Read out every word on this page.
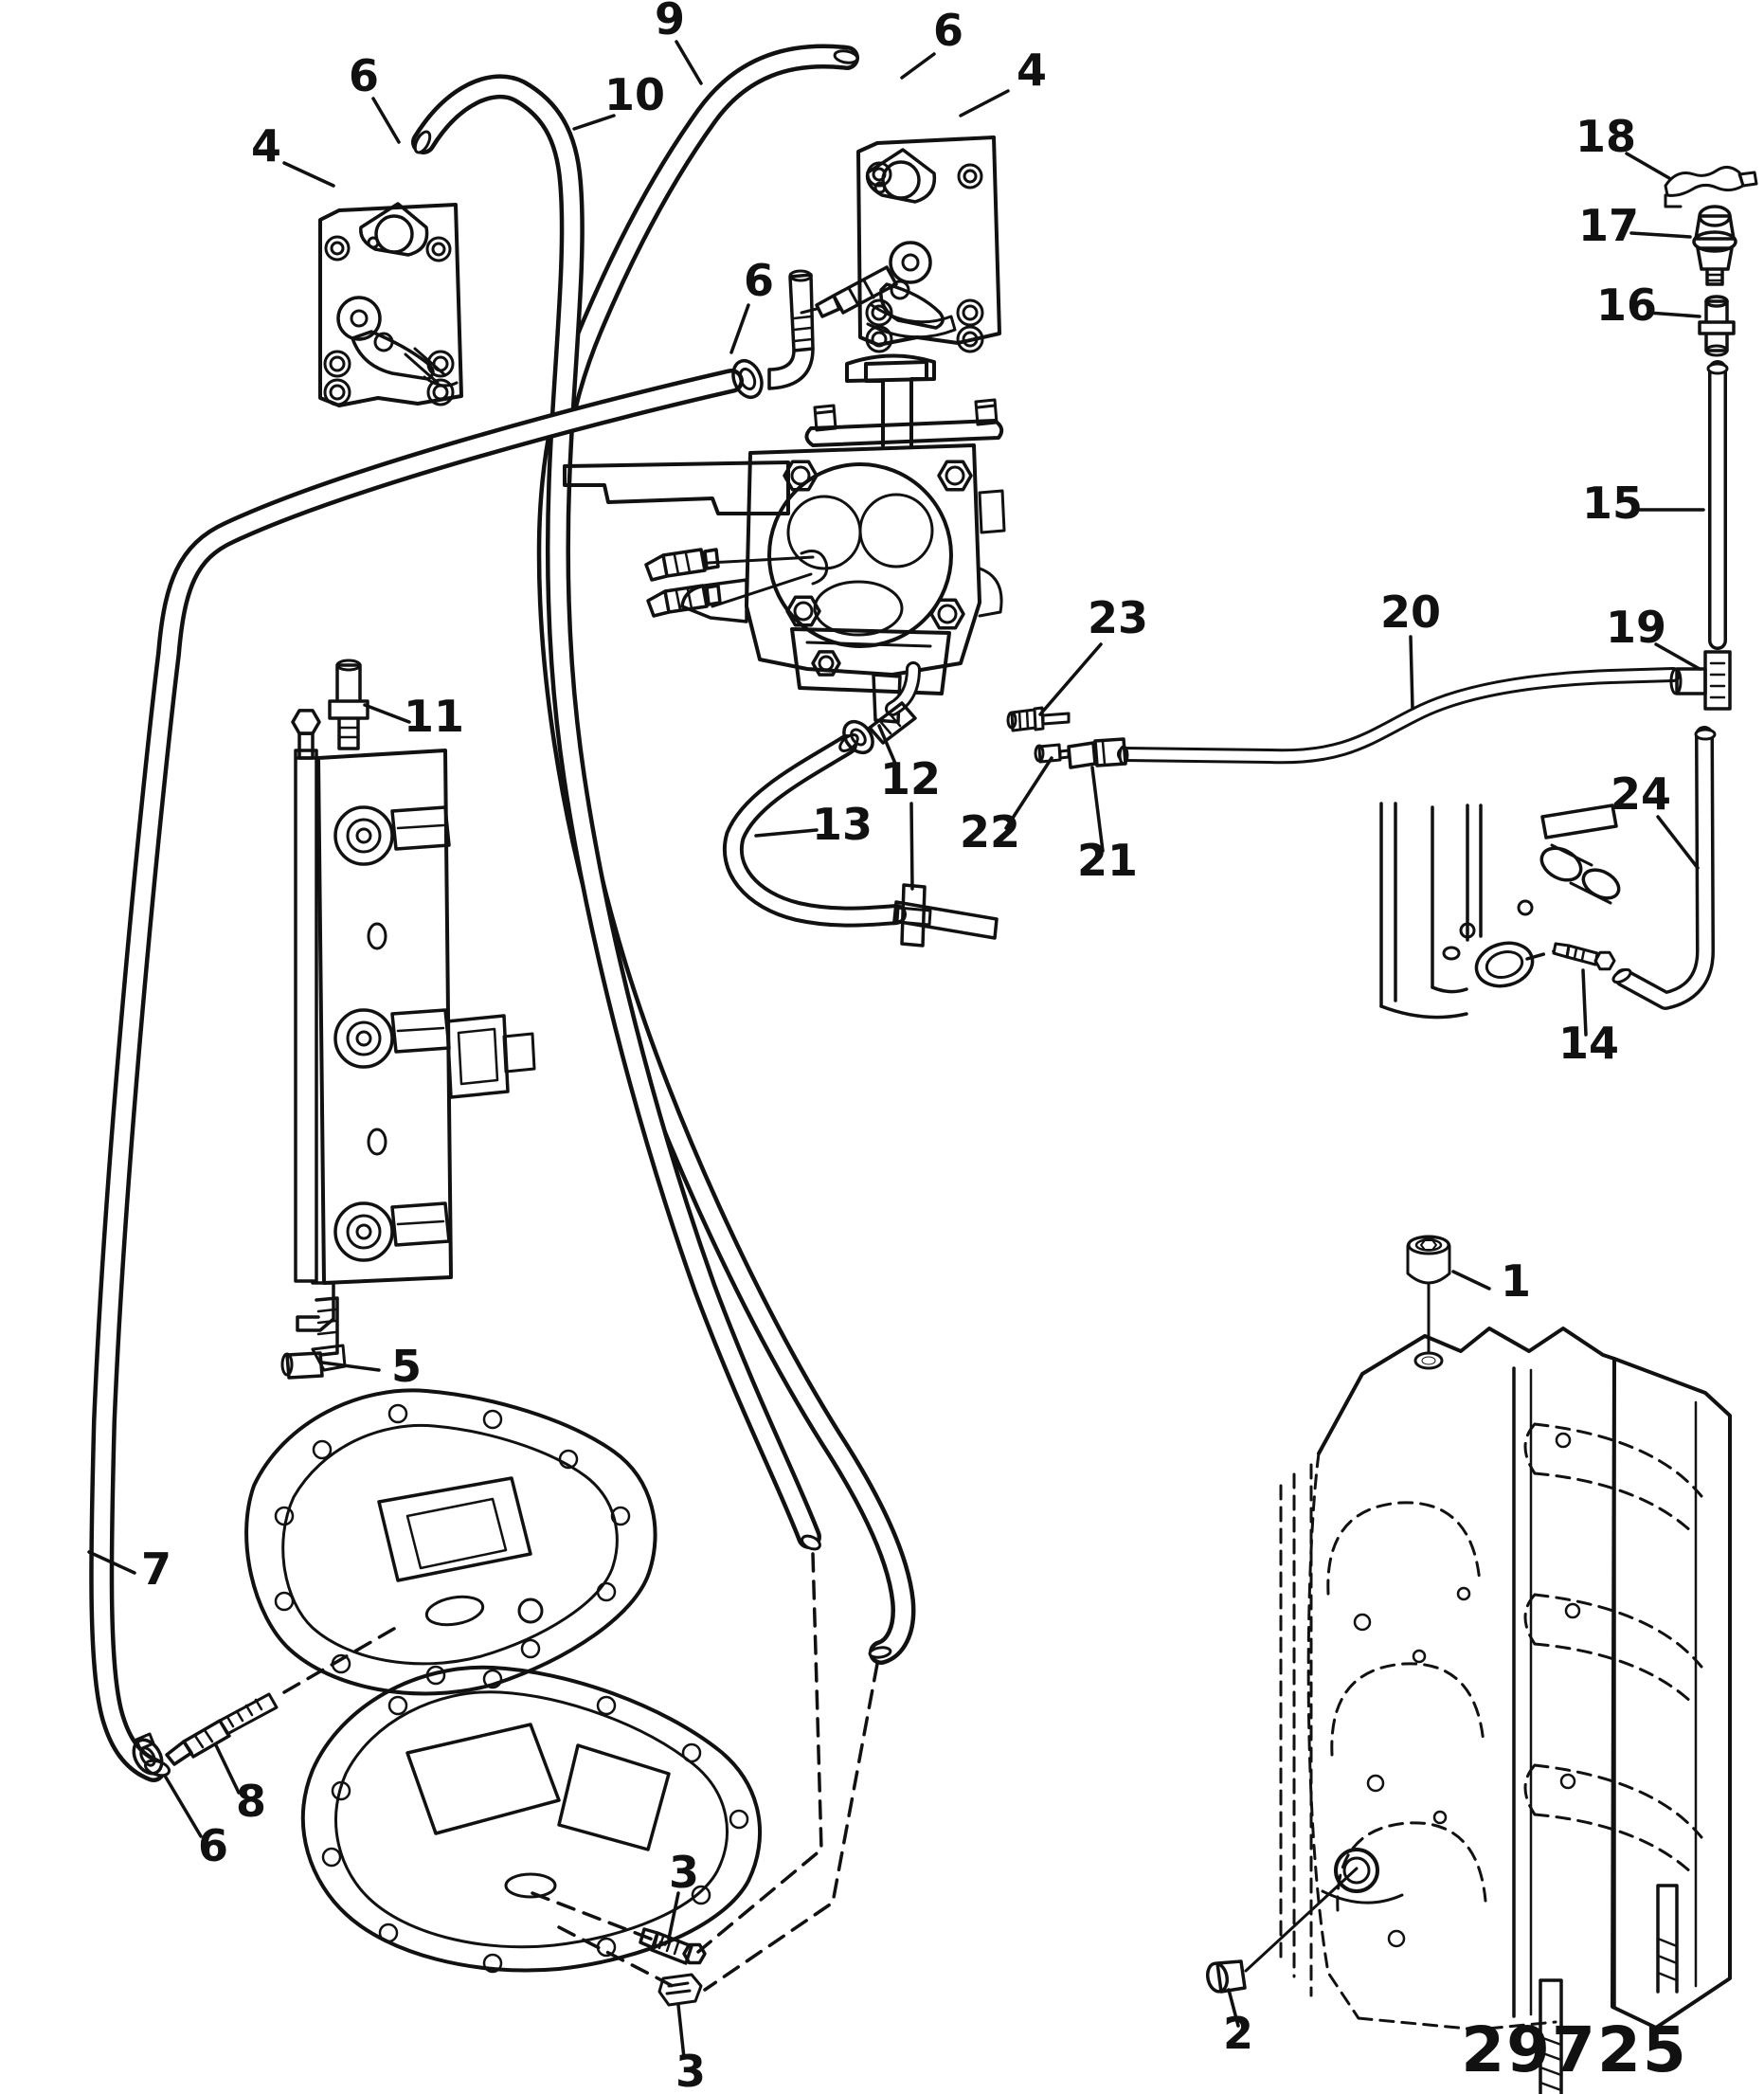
1
2
3
3
4
4
5
6
6
6
6
7
8
9
10
11
12
13
14
15
16
17
18
19
20
21
22
23
24
29725
